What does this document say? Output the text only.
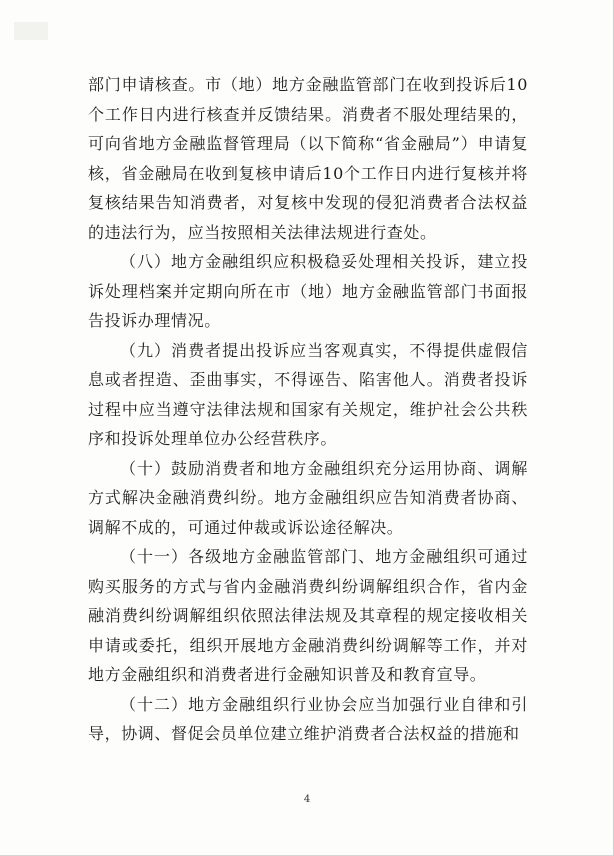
部门申请核查。市（地）地方金融监管部门在收到投诉后10个工作日内进行核查并反馈结果。消费者不服处理结果的，可向省地方金融监督管理局（以下简称“省金融局”）申请复核，省金融局在收到复核申请后10个工作日内进行复核并将复核结果告知消费者，对复核中发现的侵犯消费者合法权益的违法行为，应当按照相关法律法规进行查处。

（八）地方金融组织应积极稳妥处理相关投诉，建立投诉处理档案并定期向所在市（地）地方金融监管部门书面报告投诉办理情况。

（九）消费者提出投诉应当客观真实，不得提供虚假信息或者捏造、歪曲事实，不得诬告、陷害他人。消费者投诉过程中应当遵守法律法规和国家有关规定，维护社会公共秩序和投诉处理单位办公经营秩序。

（十）鼓励消费者和地方金融组织充分运用协商、调解方式解决金融消费纠纷。地方金融组织应告知消费者协商、调解不成的，可通过仲裁或诉讼途径解决。

（十一）各级地方金融监管部门、地方金融组织可通过购买服务的方式与省内金融消费纠纷调解组织合作，省内金融消费纠纷调解组织依照法律法规及其章程的规定接收相关申请或委托，组织开展地方金融消费纠纷调解等工作，并对地方金融组织和消费者进行金融知识普及和教育宣导。

（十二）地方金融组织行业协会应当加强行业自律和引导，协调、督促会员单位建立维护消费者合法权益的措施和

4
